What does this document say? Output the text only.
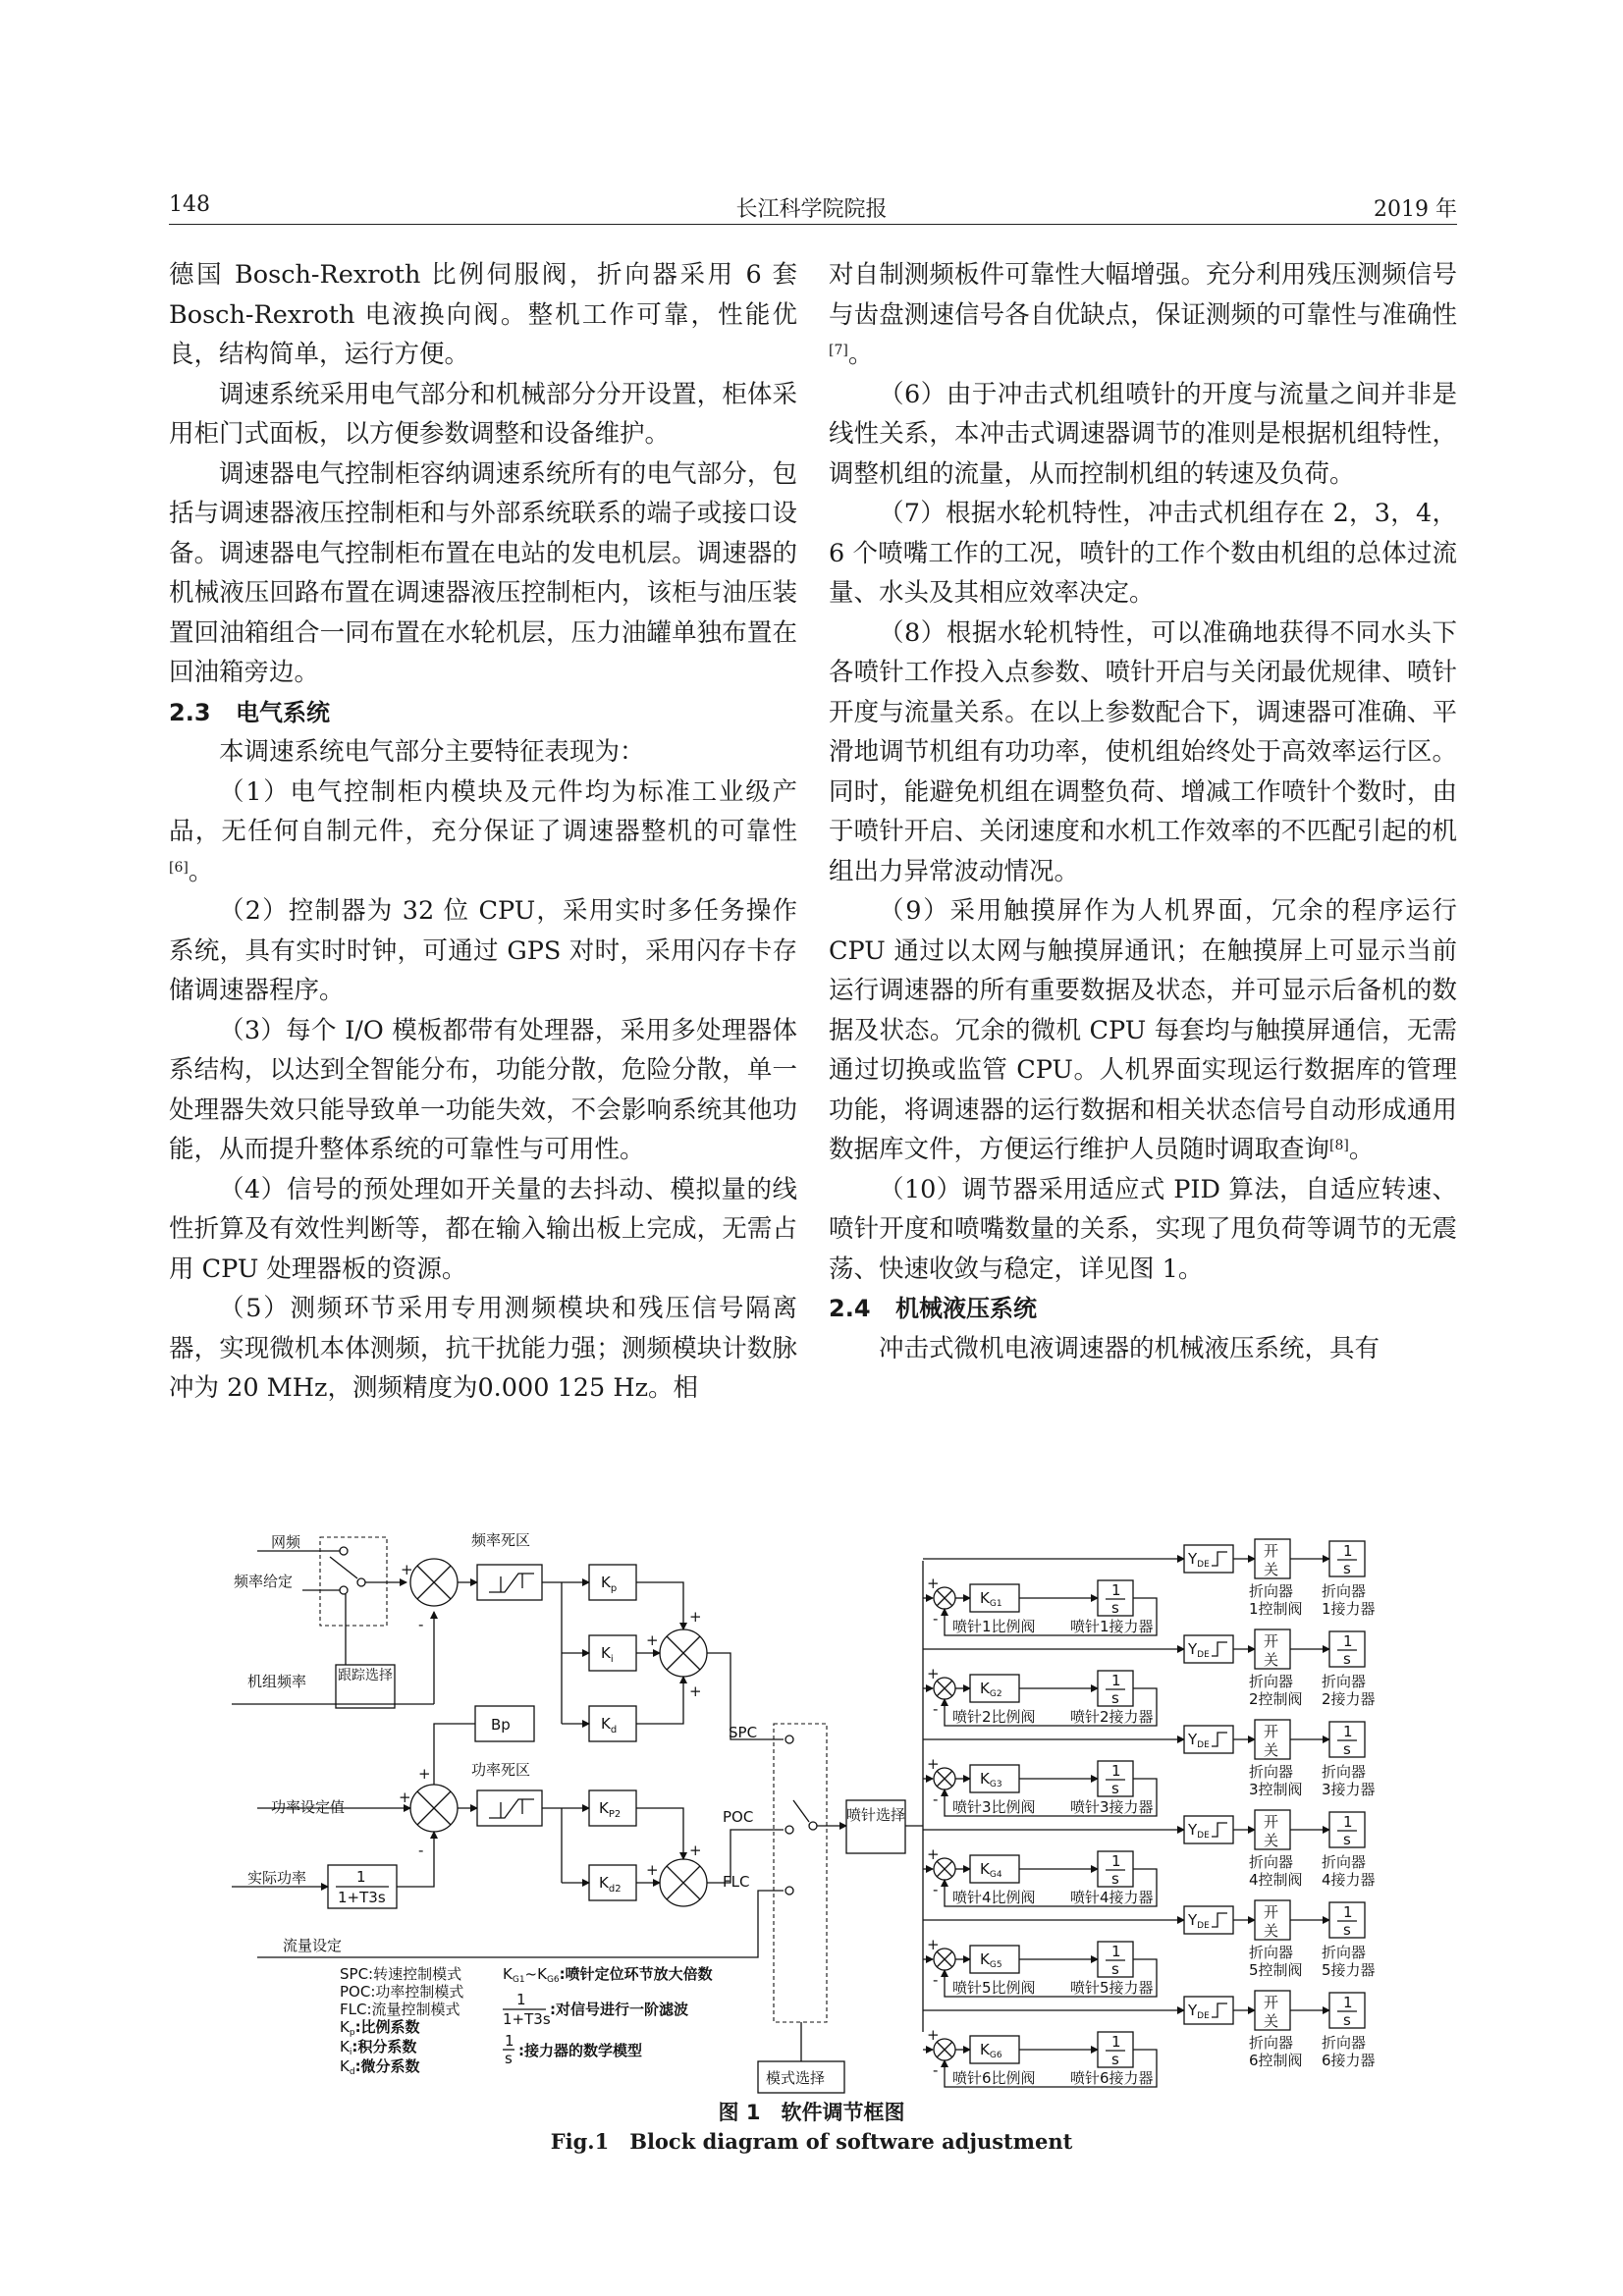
148	长江科学院院报	2019 年

德国 Bosch-Rexroth 比例伺服阀，折向器采用 6 套 Bosch-Rexroth 电液换向阀。整机工作可靠，性能优良，结构简单，运行方便。

调速系统采用电气部分和机械部分分开设置，柜体采用柜门式面板，以方便参数调整和设备维护。

调速器电气控制柜容纳调速系统所有的电气部分，包括与调速器液压控制柜和与外部系统联系的端子或接口设备。调速器电气控制柜布置在电站的发电机层。调速器的机械液压回路布置在调速器液压控制柜内，该柜与油压装置回油箱组合一同布置在水轮机层，压力油罐单独布置在回油箱旁边。

2.3　 电气系统

本调速系统电气部分主要特征表现为：

（1）电气控制柜内模块及元件均为标准工业级产品，无任何自制元件，充分保证了调速器整机的可靠性[6]。

（2）控制器为 32 位 CPU，采用实时多任务操作系统，具有实时时钟，可通过 GPS 对时，采用闪存卡存储调速器程序。

（3）每个 I/O 模板都带有处理器，采用多处理器体系结构，以达到全智能分布，功能分散，危险分散，单一处理器失效只能导致单一功能失效，不会影响系统其他功能，从而提升整体系统的可靠性与可用性。

（4）信号的预处理如开关量的去抖动、模拟量的线性折算及有效性判断等，都在输入输出板上完成，无需占用 CPU 处理器板的资源。

（5）测频环节采用专用测频模块和残压信号隔离器，实现微机本体测频，抗干扰能力强；测频模块计数脉冲为 20 MHz，测频精度为0.000 125 Hz。相

对自制测频板件可靠性大幅增强。充分利用残压测频信号与齿盘测速信号各自优缺点，保证测频的可靠性与准确性[7]。

（6）由于冲击式机组喷针的开度与流量之间并非是线性关系，本冲击式调速器调节的准则是根据机组特性，调整机组的流量，从而控制机组的转速及负荷。

（7）根据水轮机特性，冲击式机组存在 2，3，4，6 个喷嘴工作的工况，喷针的工作个数由机组的总体过流量、水头及其相应效率决定。

（8）根据水轮机特性，可以准确地获得不同水头下各喷针工作投入点参数、喷针开启与关闭最优规律、喷针开度与流量关系。在以上参数配合下，调速器可准确、平滑地调节机组有功功率，使机组始终处于高效率运行区。同时，能避免机组在调整负荷、增减工作喷针个数时，由于喷针开启、关闭速度和水机工作效率的不匹配引起的机组出力异常波动情况。

（9）采用触摸屏作为人机界面，冗余的程序运行 CPU 通过以太网与触摸屏通讯；在触摸屏上可显示当前运行调速器的所有重要数据及状态，并可显示后备机的数据及状态。冗余的微机 CPU 每套均与触摸屏通信，无需通过切换或监管 CPU。人机界面实现运行数据库的管理功能，将调速器的运行数据和相关状态信号自动形成通用数据库文件，方便运行维护人员随时调取查询[8]。

（10）调节器采用适应式 PID 算法，自适应转速、喷针开度和喷嘴数量的关系，实现了甩负荷等调节的无震荡、快速收敛与稳定，详见图 1。

2.4　 机械液压系统

冲击式微机电液调速器的机械液压系统，具有

网频
频率给定
机组频率
功率设定值
实际功率
流量设定
跟踪选择
+
-
频率死区
$K_p$
$K_i$
$K_d$
+
+
+
SPC
Bp
+
+
-
功率死区
1
1+T3s
$K_{P2}$
$K_{d2}$
+
+
POC
FLC
模式选择
喷针选择
SPC:转速控制模式
POC:功率控制模式
FLC:流量控制模式
$K_p$:比例系数
$K_i$:积分系数
$K_d$:微分系数
$K_{G1}\sim K_{G6}$:喷针定位环节放大倍数
1
1+T3s
:对信号进行一阶滤波
1
s :接力器的数学模型
$Y_{DE}$
开
关
1
s
折向器
1控制阀
折向器
1接力器
+
-
$K_{G1}$
1
s
喷针1比例阀 喷针1接力器
$Y_{DE}$
开
关
1
s
折向器
2控制阀
折向器
2接力器
+
-
$K_{G2}$
1
s
喷针2比例阀 喷针2接力器
$Y_{DE}$
开
关
1
s
折向器
3控制阀
折向器
3接力器
+
-
$K_{G3}$
1
s
喷针3比例阀 喷针3接力器
$Y_{DE}$
开
关
1
s
折向器
4控制阀
折向器
4接力器
+
-
$K_{G4}$
1
s
喷针4比例阀 喷针4接力器
$Y_{DE}$
开
关
1
s
折向器
5控制阀
折向器
5接力器
+
-
$K_{G5}$
1
s
喷针5比例阀 喷针5接力器
$Y_{DE}$
开
关
1
s
折向器
6控制阀
折向器
6接力器
+
-
$K_{G6}$
1
s
喷针6比例阀 喷针6接力器
图 1　软件调节框图
Fig.1　Block diagram of software adjustment
